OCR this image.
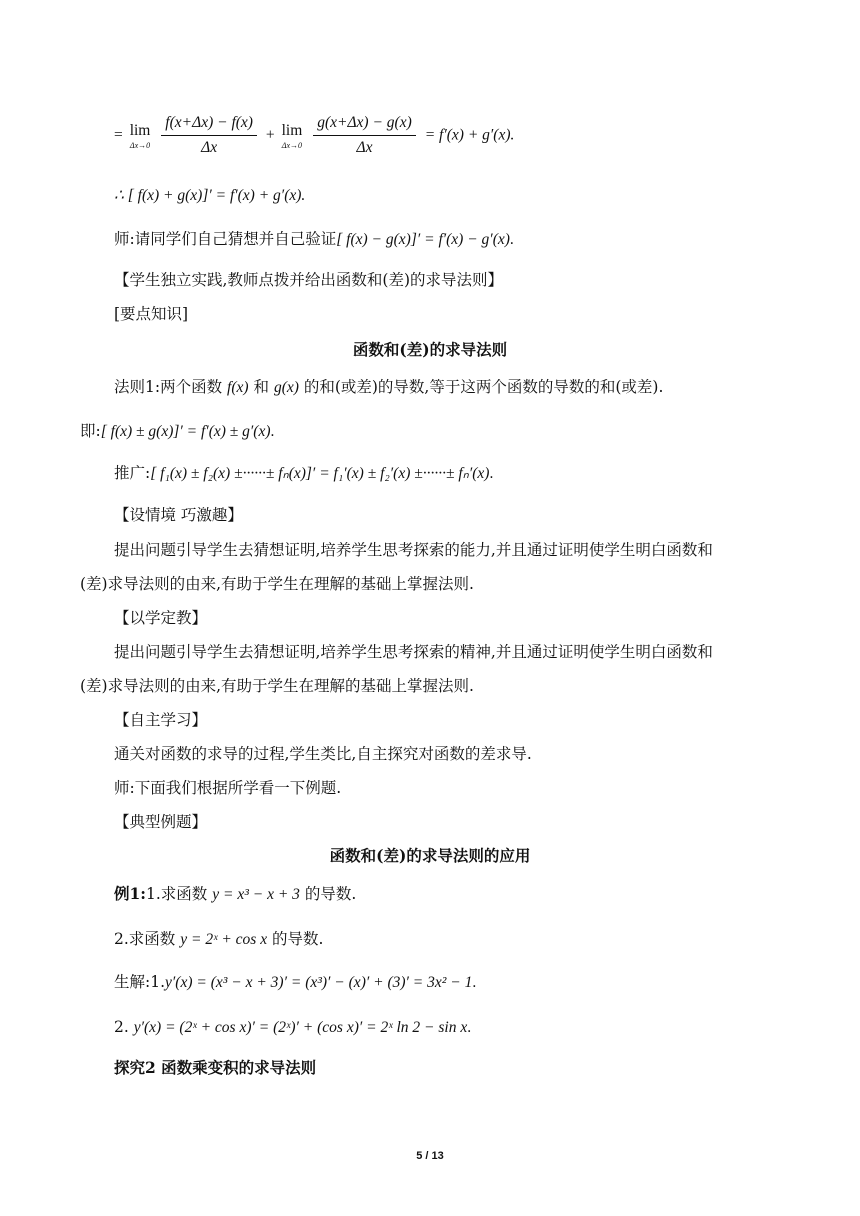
= lim
Δx→0
$\frac{f(x+\Delta x) - f(x)}{\Delta x} + \lim$
Δx→0
$\frac{g(x+\Delta x) - g(x)}{\Delta x} = f'(x) + g'(x)$.
∴ [ f(x) + g(x)]′ = f′(x) + g′(x).
师:请同学们自己猜想并自己验证[ f(x) − g(x)]′ = f′(x) − g′(x).
【学生独立实践,教师点拨并给出函数和(差)的求导法则】
[要点知识]
函数和(差)的求导法则
法则1:两个函数 f(x) 和 g(x) 的和(或差)的导数,等于这两个函数的导数的和(或差).
即:[ f(x) ± g(x)]′ = f′(x) ± g′(x).
推广:[ f₁(x) ± f₂(x) ±······± fₙ(x)]′ = f₁′(x) ± f₂′(x) ±······± fₙ′(x).
【设情境 巧激趣】
提出问题引导学生去猜想证明,培养学生思考探索的能力,并且通过证明使学生明白函数和
(差)求导法则的由来,有助于学生在理解的基础上掌握法则.
【以学定教】
提出问题引导学生去猜想证明,培养学生思考探索的精神,并且通过证明使学生明白函数和
(差)求导法则的由来,有助于学生在理解的基础上掌握法则.
【自主学习】
通关对函数的求导的过程,学生类比,自主探究对函数的差求导.
师:下面我们根据所学看一下例题.
【典型例题】
函数和(差)的求导法则的应用
例1:1.求函数 y = x³ − x + 3 的导数.
2.求函数 y = 2ˣ + cos x 的导数.
生解:1.y′(x) = (x³ − x + 3)′ = (x³)′ − (x)′ + (3)′ = 3x² − 1.
2. y′(x) = (2ˣ + cos x)′ = (2ˣ)′ + (cos x)′ = 2ˣ ln 2 − sin x.
探究2 函数乘变积的求导法则
5 / 13
